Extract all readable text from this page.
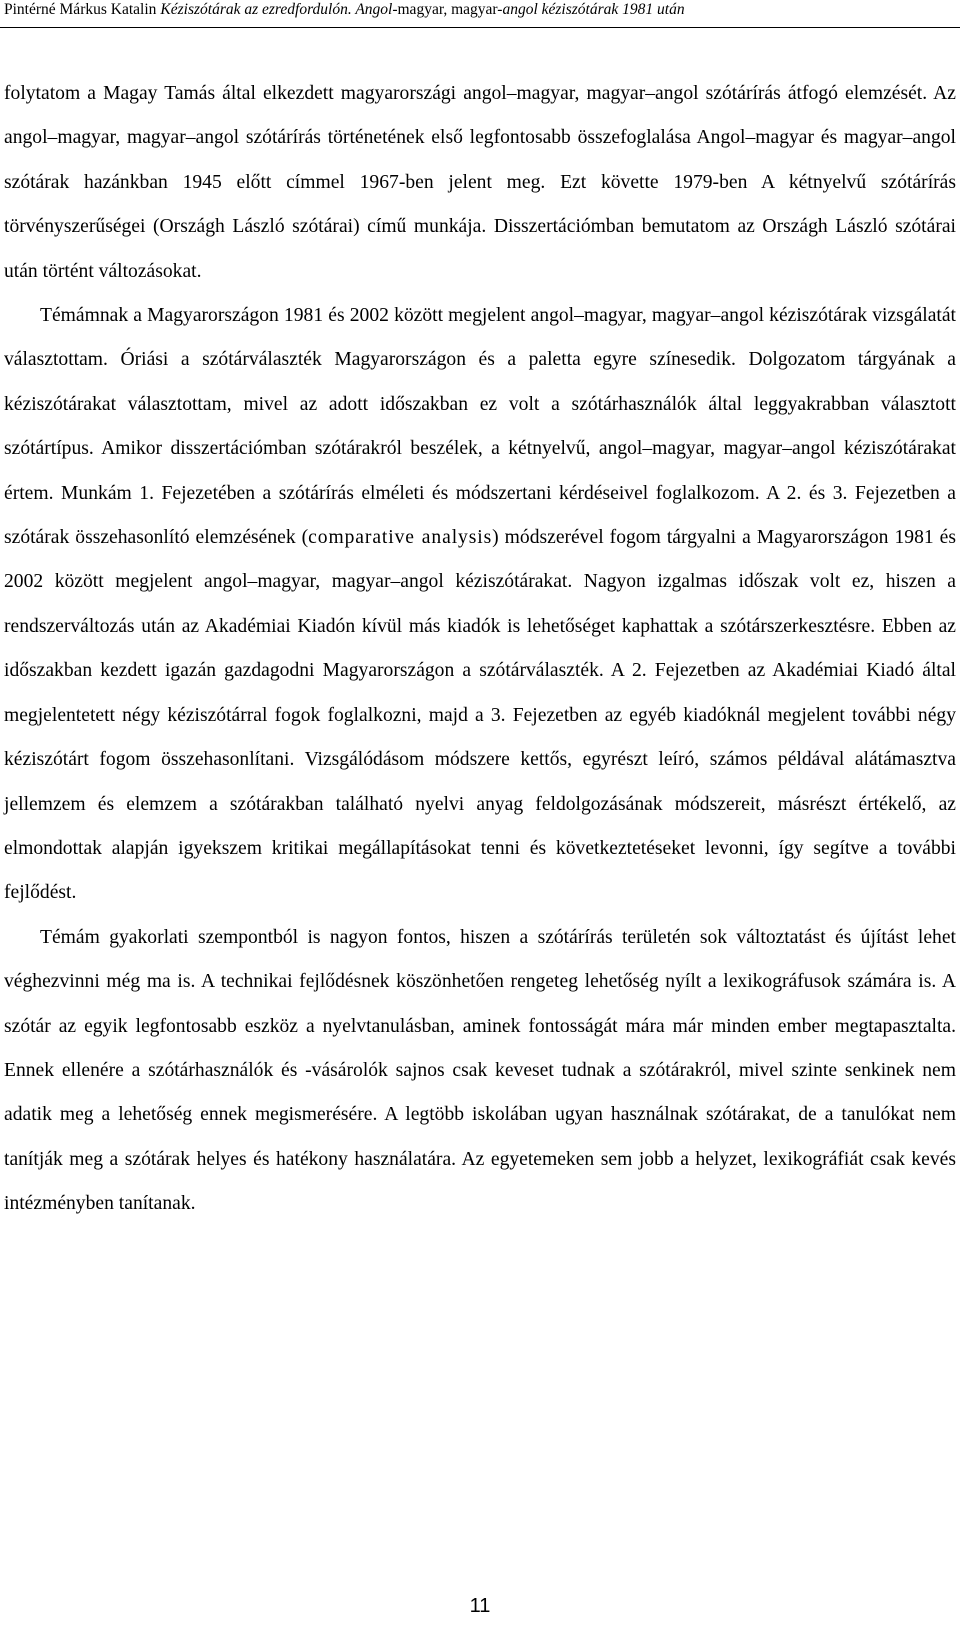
Pintérné Márkus Katalin Kéziszótárak az ezredfordulón. Angol-magyar, magyar-angol kéziszótárak 1981 után

folytatom a Magay Tamás által elkezdett magyarországi angol–magyar, magyar–angol szótárírás átfogó elemzését. Az angol–magyar, magyar–angol szótárírás történetének első legfontosabb összefoglalása Angol–magyar és magyar–angol szótárak hazánkban 1945 előtt címmel 1967-ben jelent meg. Ezt követte 1979-ben A kétnyelvű szótárírás törvényszerűségei (Országh László szótárai) című munkája. Disszertációmban bemutatom az Országh László szótárai után történt változásokat.

Témámnak a Magyarországon 1981 és 2002 között megjelent angol–magyar, magyar–angol kéziszótárak vizsgálatát választottam. Óriási a szótárválaszték Magyarországon és a paletta egyre színesedik. Dolgozatom tárgyának a kéziszótárakat választottam, mivel az adott időszakban ez volt a szótárhasználók által leggyakrabban választott szótártípus. Amikor disszertációmban szótárakról beszélek, a kétnyelvű, angol–magyar, magyar–angol kéziszótárakat értem. Munkám 1. Fejezetében a szótárírás elméleti és módszertani kérdéseivel foglalkozom. A 2. és 3. Fejezetben a szótárak összehasonlító elemzésének (comparative analysis) módszerével fogom tárgyalni a Magyarországon 1981 és 2002 között megjelent angol–magyar, magyar–angol kéziszótárakat. Nagyon izgalmas időszak volt ez, hiszen a rendszerváltozás után az Akadémiai Kiadón kívül más kiadók is lehetőséget kaphattak a szótárszerkesztésre. Ebben az időszakban kezdett igazán gazdagodni Magyarországon a szótárválaszték. A 2. Fejezetben az Akadémiai Kiadó által megjelentetett négy kéziszótárral fogok foglalkozni, majd a 3. Fejezetben az egyéb kiadóknál megjelent további négy kéziszótárt fogom összehasonlítani. Vizsgálódásom módszere kettős, egyrészt leíró, számos példával alátámasztva jellemzem és elemzem a szótárakban található nyelvi anyag feldolgozásának módszereit, másrészt értékelő, az elmondottak alapján igyekszem kritikai megállapításokat tenni és következtetéseket levonni, így segítve a további fejlődést.

Témám gyakorlati szempontból is nagyon fontos, hiszen a szótárírás területén sok változtatást és újítást lehet véghezvinni még ma is. A technikai fejlődésnek köszönhetően rengeteg lehetőség nyílt a lexikográfusok számára is. A szótár az egyik legfontosabb eszköz a nyelvtanulásban, aminek fontosságát mára már minden ember megtapasztalta. Ennek ellenére a szótárhasználók és -vásárolók sajnos csak keveset tudnak a szótárakról, mivel szinte senkinek nem adatik meg a lehetőség ennek megismerésére. A legtöbb iskolában ugyan használnak szótárakat, de a tanulókat nem tanítják meg a szótárak helyes és hatékony használatára. Az egyetemeken sem jobb a helyzet, lexikográfiát csak kevés intézményben tanítanak.

11
